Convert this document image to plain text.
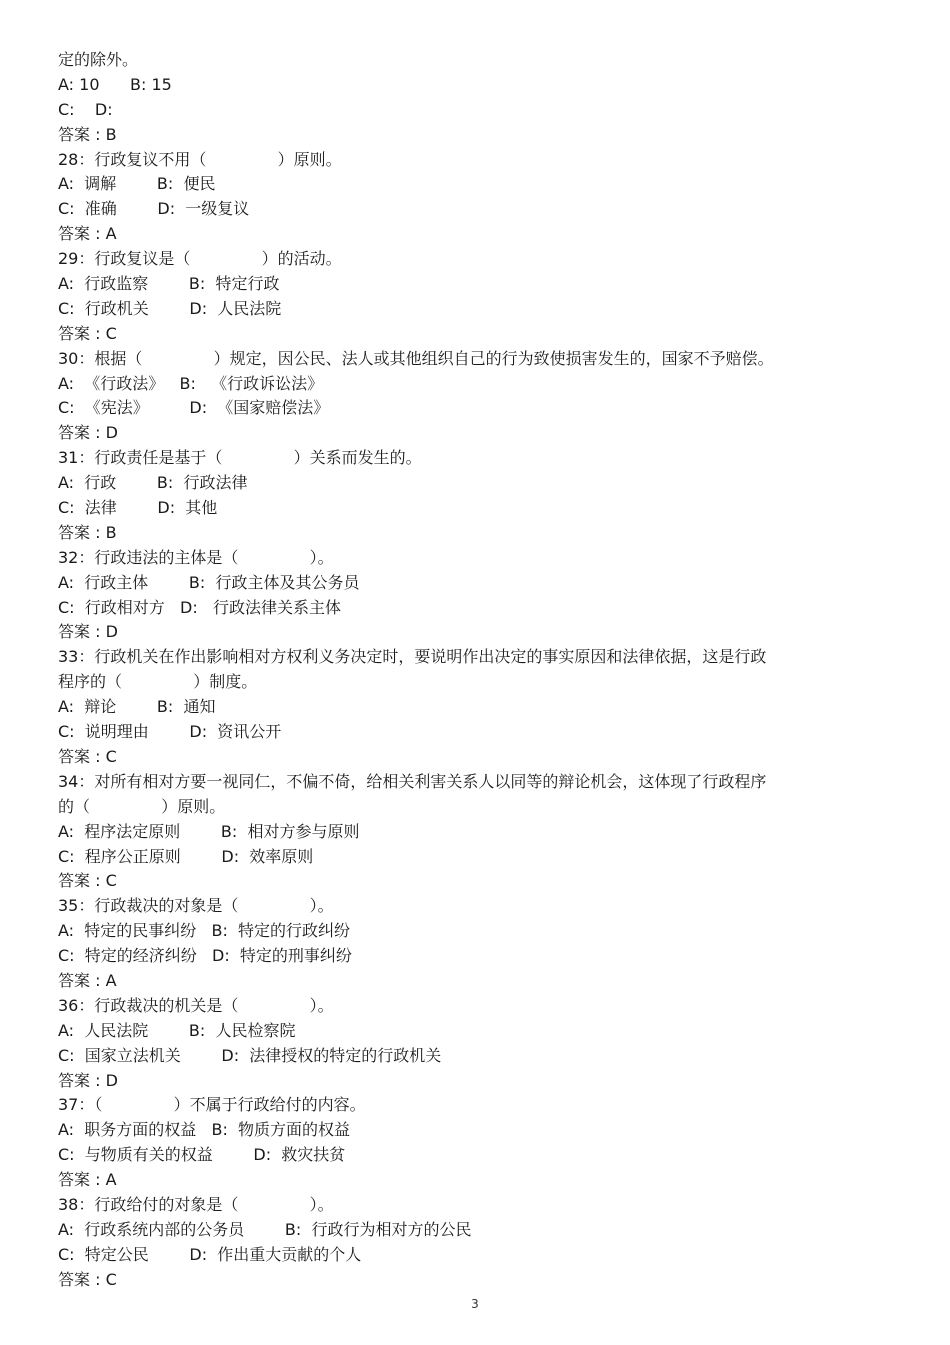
定的除外。
A: 10      B: 15
C:    D:
答案 : B
28：行政复议不用（              ）原则。
A:  调解        B:  便民
C:  准确        D:  一级复议
答案 : A
29：行政复议是（              ）的活动。
A:  行政监察        B:  特定行政
C:  行政机关        D:  人民法院
答案 : C
30：根据（              ）规定，因公民、法人或其他组织自己的行为致使损害发生的，国家不予赔偿。
A:  《行政法》   B:   《行政诉讼法》
C:  《宪法》        D:  《国家赔偿法》
答案 : D
31：行政责任是基于（              ）关系而发生的。
A:  行政        B:  行政法律
C:  法律        D:  其他
答案 : B
32：行政违法的主体是（              ）。
A:  行政主体        B:  行政主体及其公务员
C:  行政相对方   D:   行政法律关系主体
答案 : D
33：行政机关在作出影响相对方权利义务决定时，要说明作出决定的事实原因和法律依据，这是行政
程序的（              ）制度。
A:  辩论        B:  通知
C:  说明理由        D:  资讯公开
答案 : C
34：对所有相对方要一视同仁，不偏不倚，给相关利害关系人以同等的辩论机会，这体现了行政程序
的（              ）原则。
A:  程序法定原则        B:  相对方参与原则
C:  程序公正原则        D:  效率原则
答案 : C
35：行政裁决的对象是（              ）。
A:  特定的民事纠纷   B:  特定的行政纠纷
C:  特定的经济纠纷   D:  特定的刑事纠纷
答案 : A
36：行政裁决的机关是（              ）。
A:  人民法院        B:  人民检察院
C:  国家立法机关        D:  法律授权的特定的行政机关
答案 : D
37：（              ）不属于行政给付的内容。
A:  职务方面的权益   B:  物质方面的权益
C:  与物质有关的权益        D:  救灾扶贫
答案 : A
38：行政给付的对象是（              ）。
A:  行政系统内部的公务员        B:  行政行为相对方的公民
C:  特定公民        D:  作出重大贡献的个人
答案 : C
3
